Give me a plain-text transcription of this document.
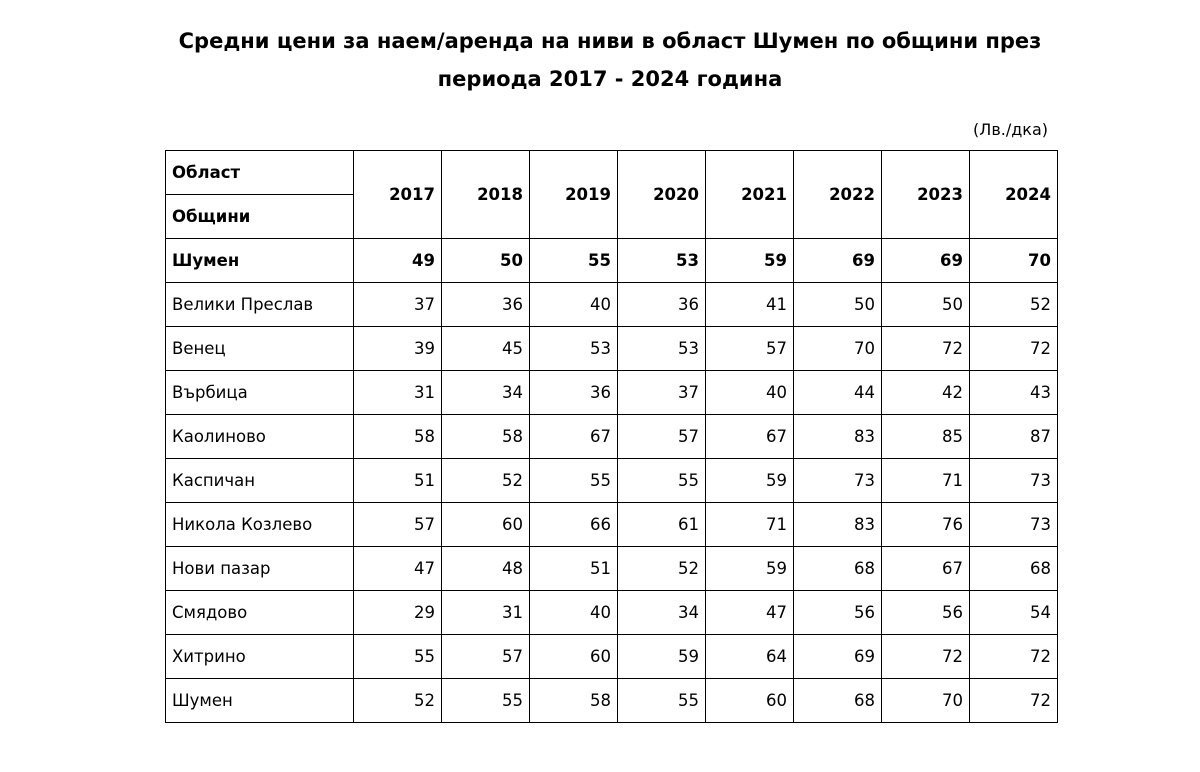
Средни цени за наем/аренда на ниви в област Шумен по общини през
периода 2017 - 2024 година
(Лв./дка)
Област	2017	2018	2019	2020	2021	2022	2023	2024
Общини								
Шумен	49	50	55	53	59	69	69	70
Велики Преслав	37	36	40	36	41	50	50	52
Венец	39	45	53	53	57	70	72	72
Върбица	31	34	36	37	40	44	42	43
Каолиново	58	58	67	57	67	83	85	87
Каспичан	51	52	55	55	59	73	71	73
Никола Козлево	57	60	66	61	71	83	76	73
Нови пазар	47	48	51	52	59	68	67	68
Смядово	29	31	40	34	47	56	56	54
Хитрино	55	57	60	59	64	69	72	72
Шумен	52	55	58	55	60	68	70	72
